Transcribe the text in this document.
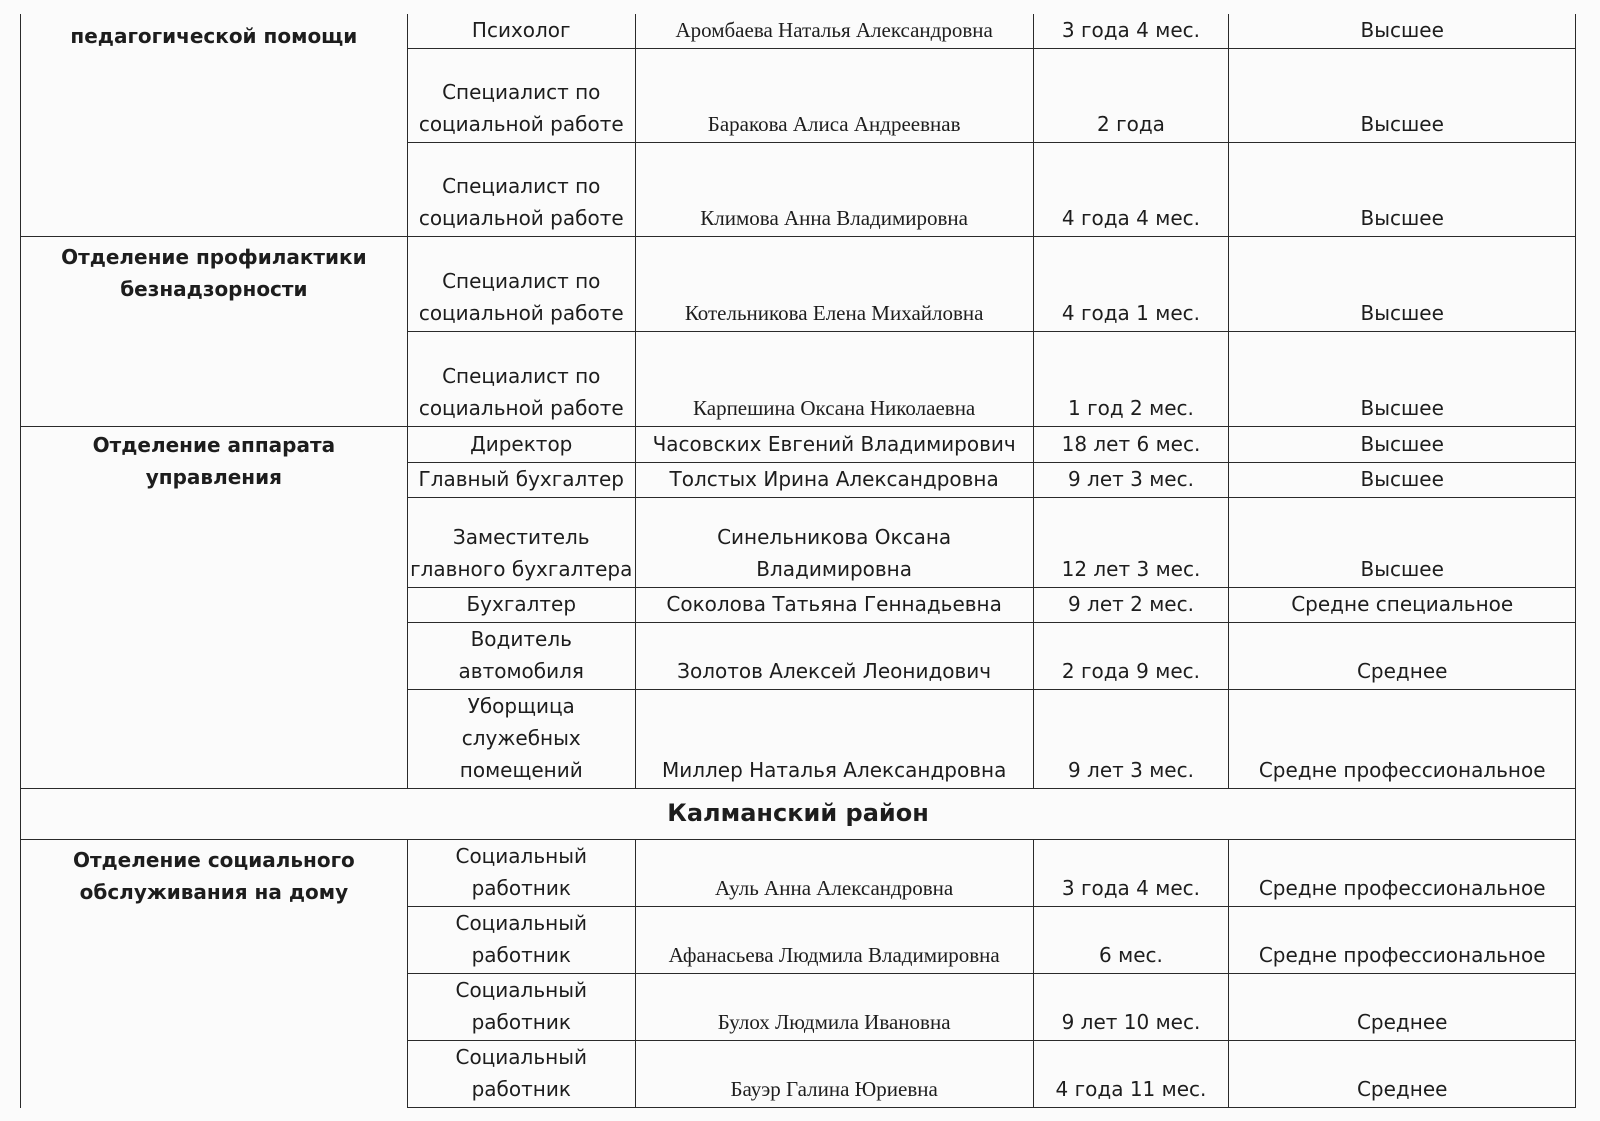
педагогической помощи	Психолог	Аромбаева Наталья Александровна	3 года 4 мес.	Высшее
	Специалист по социальной работе	Баракова Алиса Андреевнав	2 года	Высшее
	Специалист по социальной работе	Климова Анна Владимировна	4 года 4 мес.	Высшее
Отделение профилактики безнадзорности	Специалист по социальной работе	Котельникова Елена Михайловна	4 года 1 мес.	Высшее
	Специалист по социальной работе	Карпешина Оксана Николаевна	1 год 2 мес.	Высшее
Отделение аппарата управления	Директор	Часовских Евгений Владимирович	18 лет 6 мес.	Высшее
	Главный бухгалтер	Толстых Ирина Александровна	9 лет 3 мес.	Высшее
	Заместитель главного бухгалтера	Синельникова Оксана Владимировна	12 лет 3 мес.	Высшее
	Бухгалтер	Соколова Татьяна Геннадьевна	9 лет 2 мес.	Средне специальное
	Водитель автомобиля	Золотов Алексей Леонидович	2 года 9 мес.	Среднее
	Уборщица служебных помещений	Миллер Наталья Александровна	9 лет 3 мес.	Средне профессиональное
Калманский район				
Отделение социального обслуживания на дому	Социальный работник	Ауль Анна Александровна	3 года 4 мес.	Средне профессиональное
	Социальный работник	Афанасьева Людмила Владимировна	6 мес.	Средне профессиональное
	Социальный работник	Булох Людмила Ивановна	9 лет 10 мес.	Среднее
	Социальный работник	Бауэр Галина Юриевна	4 года 11 мес.	Среднее
